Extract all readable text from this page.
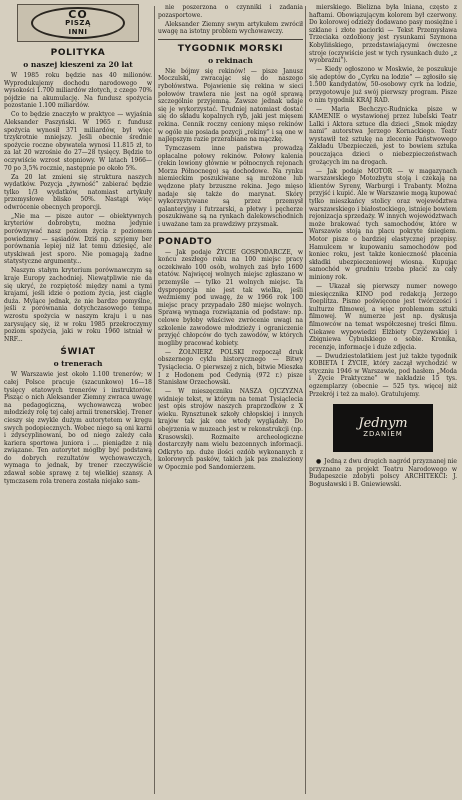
CO
PISZĄ
INNI
POLITYKA
o naszej kieszeni za 20 lat

W 1985 roku będzie nas 40 milionów. Wyprodukujemy dochodu narodowego w wysokości 1.700 miliardów złotych, z czego 70% pójdzie na akumulację. Na fundusz spożycia pozostanie 1.100 miliardów.

Co to będzie znaczyło w praktyce — wyjaśnia Aleksander Paszyński. W 1965 r. fundusz spożycia wynosił 371 miliardów, był więc trzykrotnie mniejszy. Jeśli obecnie średnie spożycie roczne obywatela wynosi 11.815 zł, to za lat 20 wzrośnie do 27—28 tysięcy. Będzie to oczywiście wzrost stopniowy. W latach 1966—70 po 3,5% rocznie, następnie po około 5%.

Za 20 lat zmieni się struktura naszych wydatków. Pozycja „żywność” zabierać będzie tylko 1/3 wydatków, natomiast artykuły przemysłowe blisko 50%. Nastąpi więc odwrócenie obecnych proporcji.

„Nie ma — pisze autor — obiektywnych kryteriów dobrobytu, można jedynie porównywać nasz poziom życia z poziomem powiedzmy — sąsiadów. Dziś np. szyjemy ber porównania lepiej niż lat temu dziesięć, ale utyskiwań jest sporo. Nie pomagają żadne statystyczne argumenty...

Naszym stałym kryterium porównawczym są kraje Europy zachodniej. Niewątpliwie nie da się ukryć, że rozpiętość między nami a tymi krajami, jeśli idzie o poziom życia, jest ciągle duża. Mylące jednak, że nie bardzo pomyślne, jeśli z porównania dotychczasowego tempa wzrostu spożycia w naszym kraju i u nas zarysujący się, iż w roku 1985 przekroczymy poziom spożycia, jaki w roku 1960 istniał w NRF...

ŚWIAT
o trenerach

W Warszawie jest około 1.100 trenerów; w całej Polsce pracuje (szacunkowo) 16—18 tysięcy etatowych trenerów i instruktorów. Pisząc o nich Aleksander Ziemny zwraca uwagę na pedagogiczną, wychowawczą wobec młodzieży rolę tej całej armii trenerskiej. Trener cieszy się zwykle dużym autorytetem w kręgu swych podopiecznych. Wobec niego są oni karni i zdyscyplinowani, bo od niego zależy cała kariera sportowa juniora i ... pieniądze z nią związane. Ten autorytet mógłby być podstawą do dobrych rezultatów wychowawczych, wymaga to jednak, by trener rzeczywiście zdawał sobie sprawę z tej wielkiej szansy. A tymczasem rola trenera została niejako sam-

nie poszerzona o czynniki i zadania pozasportowe.

Aleksander Ziemny swym artykułem zwrócił uwagę na istotny problem wychowawczy.

TYGODNIK MORSKI
o rekinach

Nie bójmy się rekinów! — pisze Janusz Moczulski, zwracając się do naszego rybołówstwa. Pojawienie się rekina w sieci połowów trawlera nie jest na ogół sprawą szczególnie przyjemną. Zawsze jednak udaje się je wykorzystać. Trudniej natomiast dostać się do składu kopalnych ryb, jaki jest mięsem rekina. Cennik roczny ceniony mięso rekinów w ogóle nie posiada pozycji „rekiny” i są one w najlepszym razie przerabiane na mączkę.

Tymczasem inne państwa prowadzą opłacalne połowy rekinów. Połowy kalenia (rekin lowiony głównie w północnych rejonach Morza Północnego) są dochodowe. Na rynku niemieckim poszukiwane są mrożone lub wędzone płaty brzuszne rekina. Jego mięso nadaje się także do marynat. Skóry wykorzystywane są przez przemysł galanteryjny i futrzarski, a płetwy i pęcherze poszukiwane są na rynkach dalekowschodnich i uważane tam za prawdziwy przysmak.

PONADTO

— Jak podaje ŻYCIE GOSPODARCZE, w końcu zeszłego roku na 100 miejsc pracy oczekiwało 100 osób, wolnych zaś było 1600 etatów. Najwięcej wolnych miejsc zgłaszano w przemyśle — tylko 21 wolnych miejsc. Ta dysproporcja nie jest tak wielka, jeśli weźmiemy pod uwagę, że w 1966 rok 100 miejsc pracy przypadało 280 miejsc wolnych. Sprawą wymaga rozwiązania od podstaw: np. celowe byłoby właściwe zwrócenie uwagi na szkolenie zawodowe młodzieży i ograniczenie przyjęć chłopców do tych zawodów, w których mogliby pracować kobiety.

— ŻOŁNIERZ POLSKI rozpoczął druk obszernego cyklu historycznego — Bitwy Tysiąclecia. O pierwszej z nich, bitwie Mieszka I z Hodonem pod Cedynią (972 r.) pisze Stanisław Orzechowski.

— W mieszęczniku NASZA OJCZYZNA widnieje tekst, w którym na temat Tysiąclecia jest opis strojów naszych praprzodków z X wieku. Rynsztunek szkoły chłopskiej i innych krajów tak jak one wtedy wyglądały. Do obejrzenia w muzeach jest w rekonstrukcji (np. Krasowski). Rozmaite archeologiczne dostarczyły nam wielu bezcennych informacji. Odkryto np. duże ilości ozdób wykonanych z kolorowych pasków, takich jak pas znaleziony w Opocznie pod Sandomierzem.

mierskiego. Bielizna była lniana, często z haftami. Obowiązującym kolorem był czerwony. Do kolorowej odzieży dodawano pasy mosiężne i szklane i złote paciorki — Tekst Przemysława Trzeciaka ozdobiony jest rysunkami Szymona Kobylińskiego, przedstawiającymi ówczesne stroje (oczywiście jest w tych rysunkach dużo „z wyobraźni”).

— Kiedy ogłoszono w Moskwie, że poszukuje się adeptów do „Cyrku na lodzie” — zgłosiło się 1.500 kandydatów, 50-osobowy cyrk na lodzie, przygotowuje już swój pierwszy program. Pisze o nim tygodnik KRAJ RAD.

— Maria Bechczyc-Rudnicka pisze w KAMENIE o wystawionej przez lubelski Teatr Lalki i Aktora sztuce dla dzieci „Smok między nami” autorstwa Jerzego Kornackiego. Teatr wystawił też sztukę na zlecenie Państwowego Zakładu Ubezpieczeń, jest to bowiem sztuka pouczająca dzieci o niebezpieczeństwach grożących im na drogach.

— Jak podaje MOTOR — w magazynach warszawskiego Motozbytu stoją i czekają na klientów Syreny, Warburgi i Trabanty. Można przyjść i kupić. Ale w Warszawie mogą kupować tylko mieszkańcy stolicy oraz województwa warszawskiego i białostockiego, istnieje bowiem rejonizacja sprzedaży. W innych województwach może brakować tych samochodów, które w Warszawie stoją na placu pokryte śniegiem. Motor pisze o bardziej elastycznej przepisy. Hamulcem w kupowaniu samochodów pod koniec roku, jest także konieczność płacenia składki ubezpieczeniowej wiosną. Kupując samochód w grudniu trzeba płacić za cały miniony rok.

— Ukazał się pierwszy numer nowego miesięcznika KINO pod redakcją Jerzego Toeplitza. Pismo poświęcone jest twórczości i kulturze filmowej, a więc problemom sztuki filmowej. W numerze jest np. dyskusja filmowców na temat współczesnej treści filmu. Ciekawe wypowiedzi Elżbiety Czyżewskiej i Zbigniewa Cybulskiego o sobie. Kronika, recenzje, informacje i duże zdjęcia.

— Dwudziestolatkiem jest już także tygodnik KOBIETA I ŻYCIE, który zaczął wychodzić w styczniu 1946 w Warszawie, pod hasłem „Moda i Życie Praktyczne” w nakładzie 15 tys. egzemplarzy (obecnie — 525 tys. więcej niż Przekrój i też za mało). Gratulujemy.

Jednym
ZDANIEM

● Jedną z dwu drugich nagród przyznanej nie przyznano za projekt Teatru Narodowego w Budapeszcie zdobyli polscy ARCHITEKCI: J. Bogusławski i B. Gniewiewski.
